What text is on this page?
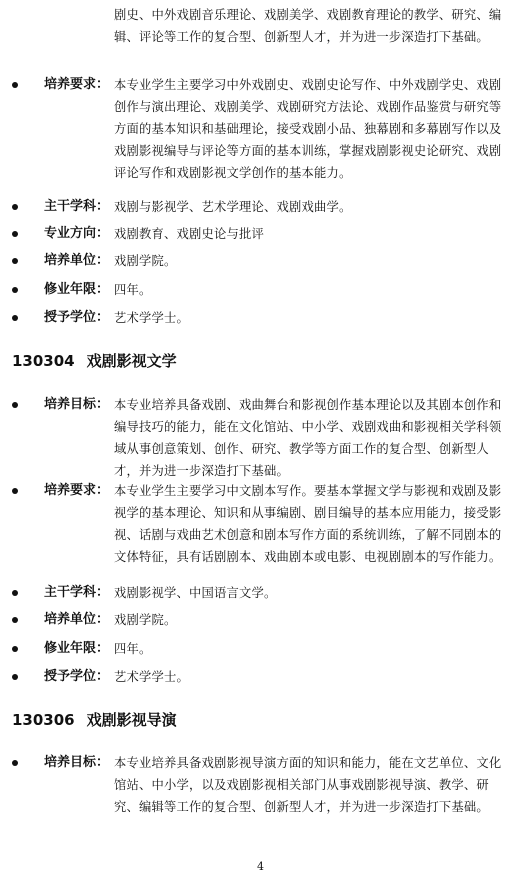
剧史、中外戏剧音乐理论、戏剧美学、戏剧教育理论的教学、研究、编辑、评论等工作的复合型、创新型人才，并为进一步深造打下基础。
培养要求： 本专业学生主要学习中外戏剧史、戏剧史论写作、中外戏剧学史、戏剧创作与演出理论、戏剧美学、戏剧研究方法论、戏剧作品鉴赏与研究等方面的基本知识和基础理论，接受戏剧小品、独幕剧和多幕剧写作以及戏剧影视编导与评论等方面的基本训练，掌握戏剧影视史论研究、戏剧评论写作和戏剧影视文学创作的基本能力。
主干学科： 戏剧与影视学、艺术学理论、戏剧戏曲学。
专业方向： 戏剧教育、戏剧史论与批评
培养单位： 戏剧学院。
修业年限： 四年。
授予学位： 艺术学学士。
130304 戏剧影视文学
培养目标： 本专业培养具备戏剧、戏曲舞台和影视创作基本理论以及其剧本创作和编导技巧的能力，能在文化馆站、中小学、戏剧戏曲和影视相关学科领域从事创意策划、创作、研究、教学等方面工作的复合型、创新型人才，并为进一步深造打下基础。
培养要求： 本专业学生主要学习中文剧本写作。要基本掌握文学与影视和戏剧及影视学的基本理论、知识和从事编剧、剧目编导的基本应用能力，接受影视、话剧与戏曲艺术创意和剧本写作方面的系统训练，了解不同剧本的文体特征，具有话剧剧本、戏曲剧本或电影、电视剧剧本的写作能力。
主干学科： 戏剧影视学、中国语言文学。
培养单位： 戏剧学院。
修业年限： 四年。
授予学位： 艺术学学士。
130306 戏剧影视导演
培养目标： 本专业培养具备戏剧影视导演方面的知识和能力，能在文艺单位、文化馆站、中小学，以及戏剧影视相关部门从事戏剧影视导演、教学、研究、编辑等工作的复合型、创新型人才，并为进一步深造打下基础。
4
